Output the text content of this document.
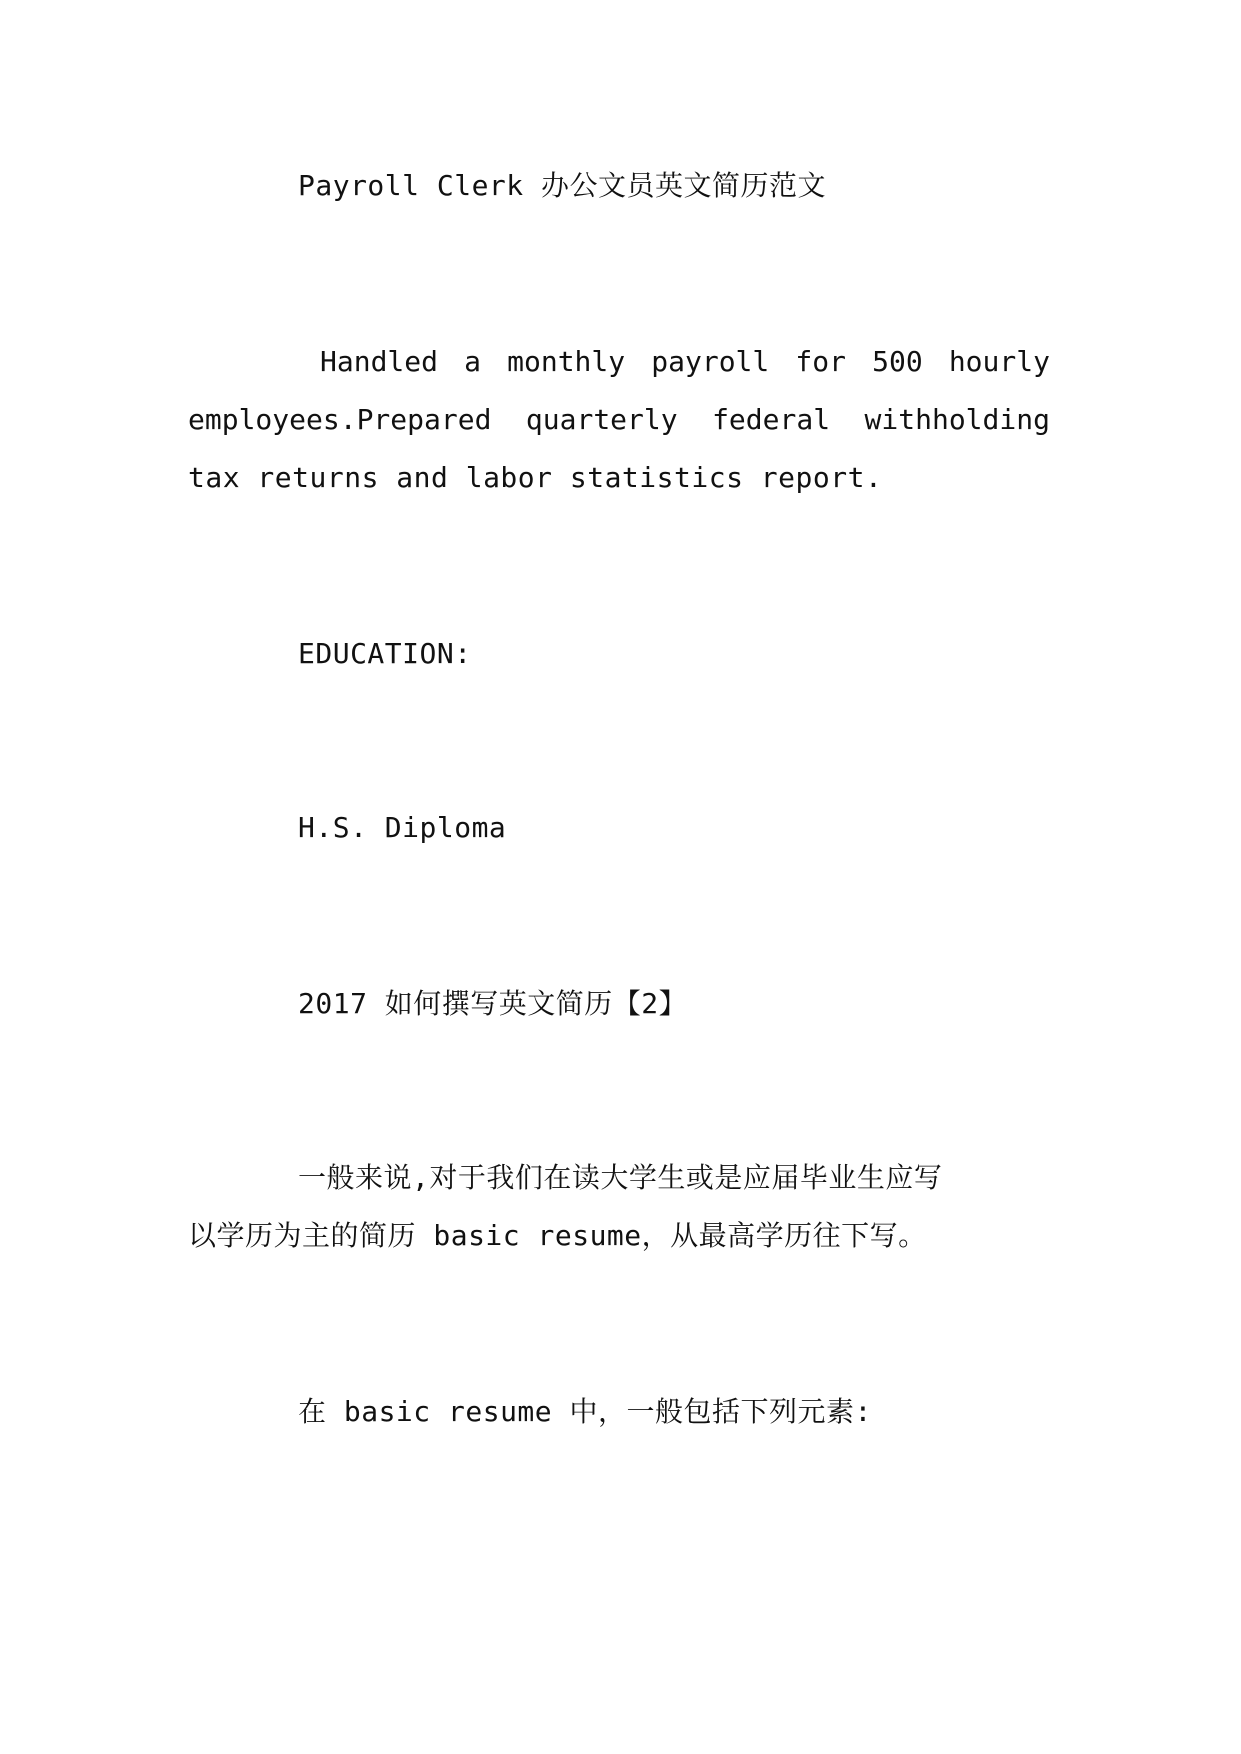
Payroll Clerk 办公文员英文简历范文
Handled a monthly payroll for 500 hourly
employees.Prepared quarterly federal withholding
tax returns and labor statistics report.
EDUCATION:
H.S. Diploma
2017 如何撰写英文简历【2】
一般来说,对于我们在读大学生或是应届毕业生应写
以学历为主的简历 basic resume，从最高学历往下写。
在 basic resume 中，一般包括下列元素:
